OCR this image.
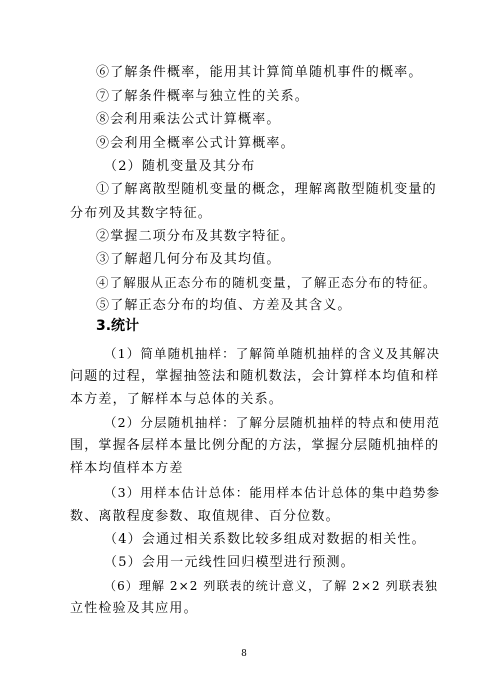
⑥了解条件概率，能用其计算简单随机事件的概率。
⑦了解条件概率与独立性的关系。
⑧会利用乘法公式计算概率。
⑨会利用全概率公式计算概率。
（2）随机变量及其分布
①了解离散型随机变量的概念，理解离散型随机变量的
分布列及其数字特征。
②掌握二项分布及其数字特征。
③了解超几何分布及其均值。
④了解服从正态分布的随机变量，了解正态分布的特征。
⑤了解正态分布的均值、方差及其含义。
3.统计
（1）简单随机抽样：了解简单随机抽样的含义及其解决
问题的过程，掌握抽签法和随机数法，会计算样本均值和样
本方差，了解样本与总体的关系。
（2）分层随机抽样：了解分层随机抽样的特点和使用范
围，掌握各层样本量比例分配的方法，掌握分层随机抽样的
样本均值样本方差
（3）用样本估计总体：能用样本估计总体的集中趋势参
数、离散程度参数、取值规律、百分位数。
（4）会通过相关系数比较多组成对数据的相关性。
（5）会用一元线性回归模型进行预测。
（6）理解 2×2 列联表的统计意义，了解 2×2 列联表独
立性检验及其应用。
8
